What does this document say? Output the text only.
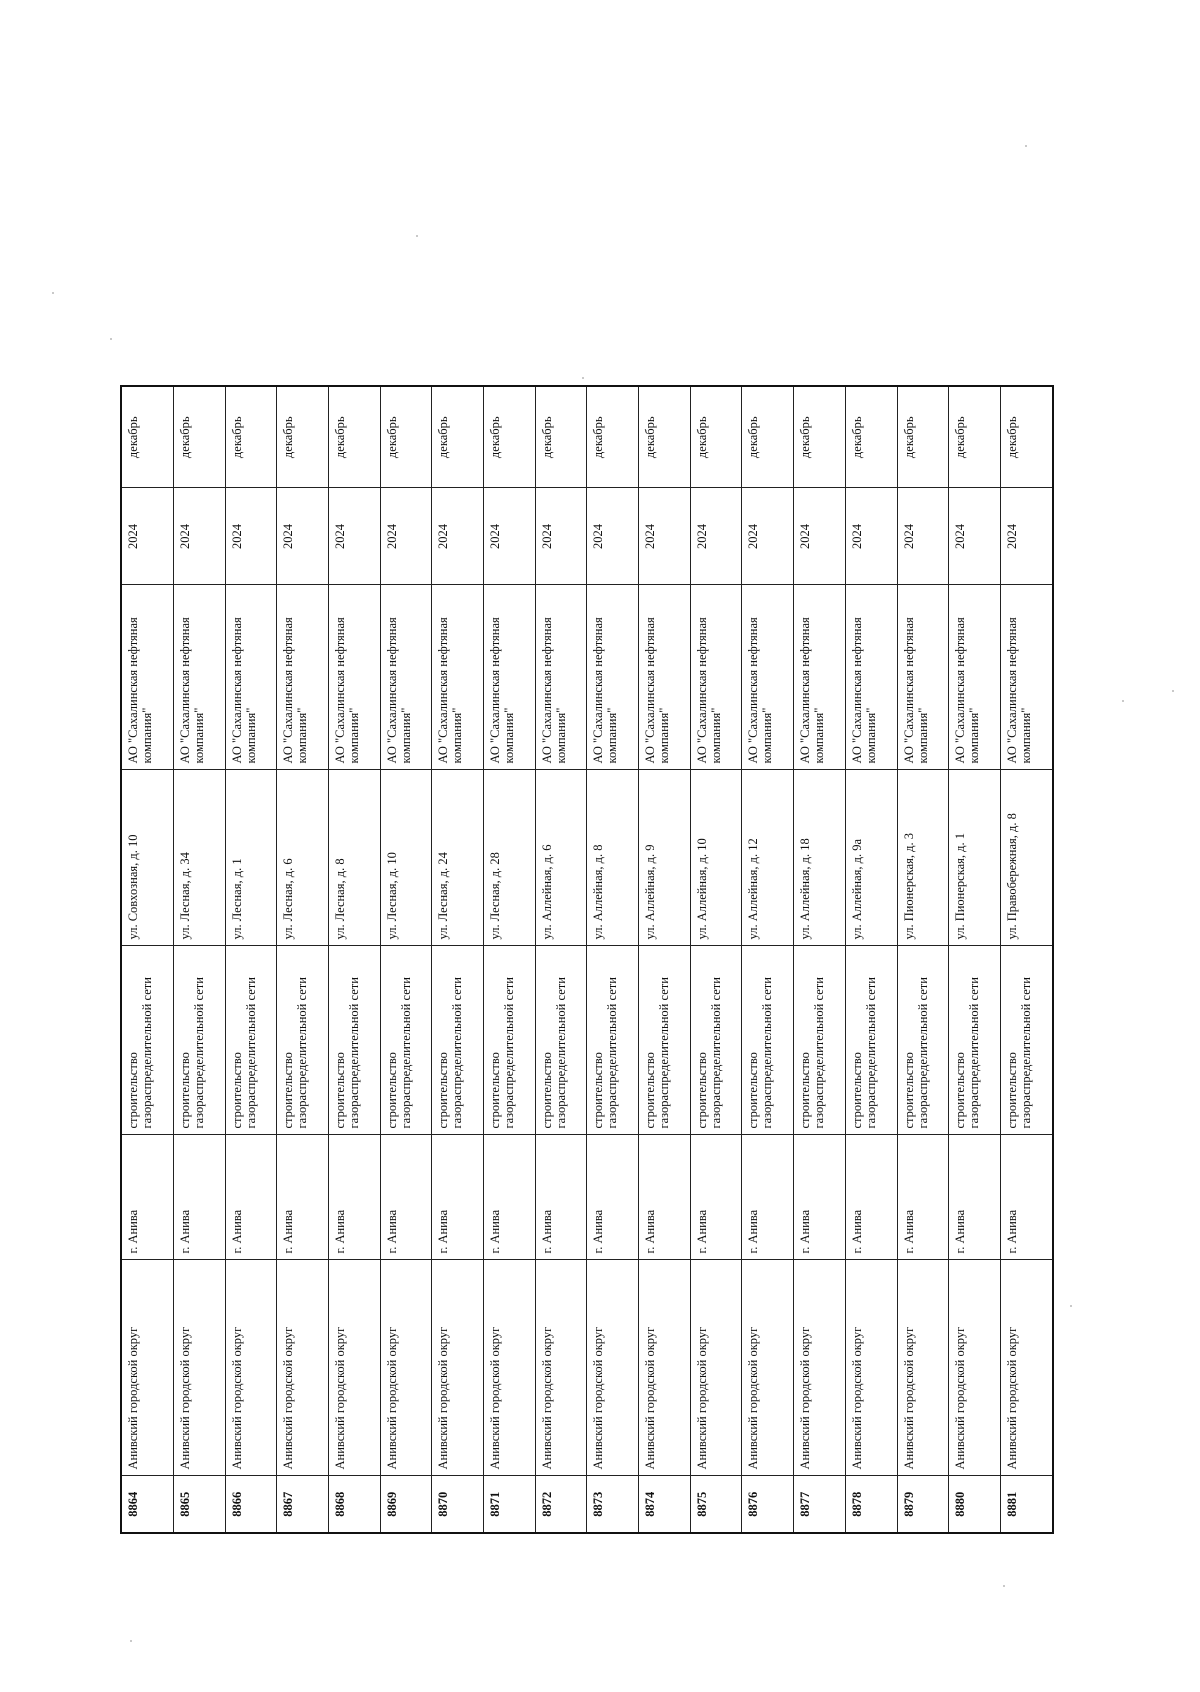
8864	Анивский городской округ	г. Анива	строительство газораспределительной сети	ул. Совхозная, д. 10	АО "Сахалинская нефтяная компания"	2024	декабрь
8865	Анивский городской округ	г. Анива	строительство газораспределительной сети	ул. Лесная, д. 34	АО "Сахалинская нефтяная компания"	2024	декабрь
8866	Анивский городской округ	г. Анива	строительство газораспределительной сети	ул. Лесная, д. 1	АО "Сахалинская нефтяная компания"	2024	декабрь
8867	Анивский городской округ	г. Анива	строительство газораспределительной сети	ул. Лесная, д. 6	АО "Сахалинская нефтяная компания"	2024	декабрь
8868	Анивский городской округ	г. Анива	строительство газораспределительной сети	ул. Лесная, д. 8	АО "Сахалинская нефтяная компания"	2024	декабрь
8869	Анивский городской округ	г. Анива	строительство газораспределительной сети	ул. Лесная, д. 10	АО "Сахалинская нефтяная компания"	2024	декабрь
8870	Анивский городской округ	г. Анива	строительство газораспределительной сети	ул. Лесная, д. 24	АО "Сахалинская нефтяная компания"	2024	декабрь
8871	Анивский городской округ	г. Анива	строительство газораспределительной сети	ул. Лесная, д. 28	АО "Сахалинская нефтяная компания"	2024	декабрь
8872	Анивский городской округ	г. Анива	строительство газораспределительной сети	ул. Аллейная, д. 6	АО "Сахалинская нефтяная компания"	2024	декабрь
8873	Анивский городской округ	г. Анива	строительство газораспределительной сети	ул. Аллейная, д. 8	АО "Сахалинская нефтяная компания"	2024	декабрь
8874	Анивский городской округ	г. Анива	строительство газораспределительной сети	ул. Аллейная, д. 9	АО "Сахалинская нефтяная компания"	2024	декабрь
8875	Анивский городской округ	г. Анива	строительство газораспределительной сети	ул. Аллейная, д. 10	АО "Сахалинская нефтяная компания"	2024	декабрь
8876	Анивский городской округ	г. Анива	строительство газораспределительной сети	ул. Аллейная, д. 12	АО "Сахалинская нефтяная компания"	2024	декабрь
8877	Анивский городской округ	г. Анива	строительство газораспределительной сети	ул. Аллейная, д. 18	АО "Сахалинская нефтяная компания"	2024	декабрь
8878	Анивский городской округ	г. Анива	строительство газораспределительной сети	ул. Аллейная, д. 9а	АО "Сахалинская нефтяная компания"	2024	декабрь
8879	Анивский городской округ	г. Анива	строительство газораспределительной сети	ул. Пионерская, д. 3	АО "Сахалинская нефтяная компания"	2024	декабрь
8880	Анивский городской округ	г. Анива	строительство газораспределительной сети	ул. Пионерская, д. 1	АО "Сахалинская нефтяная компания"	2024	декабрь
8881	Анивский городской округ	г. Анива	строительство газораспределительной сети	ул. Правобережная, д. 8	АО "Сахалинская нефтяная компания"	2024	декабрь
